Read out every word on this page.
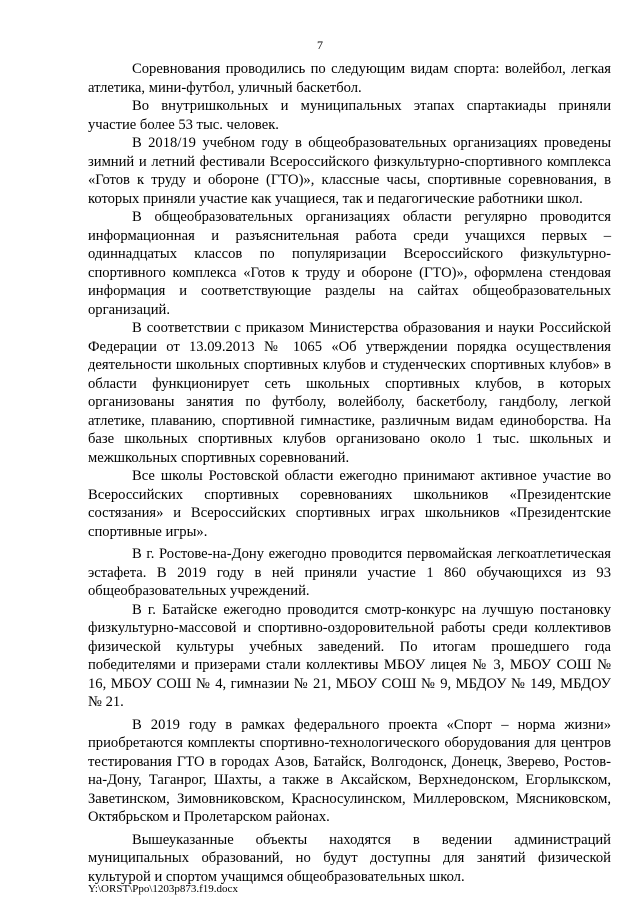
7

Соревнования проводились по следующим видам спорта: волейбол, легкая атлетика, мини-футбол, уличный баскетбол.

Во внутришкольных и муниципальных этапах спартакиады приняли участие более 53 тыс. человек.

В 2018/19 учебном году в общеобразовательных организациях проведены зимний и летний фестивали Всероссийского физкультурно-спортивного комплекса «Готов к труду и обороне (ГТО)», классные часы, спортивные соревнования, в которых приняли участие как учащиеся, так и педагогические работники школ.

В общеобразовательных организациях области регулярно проводится информационная и разъяснительная работа среди учащихся первых – одиннадцатых классов по популяризации Всероссийского физкультурно-спортивного комплекса «Готов к труду и обороне (ГТО)», оформлена стендовая информация и соответствующие разделы на сайтах общеобразовательных организаций.

В соответствии с приказом Министерства образования и науки Российской Федерации от 13.09.2013 № 1065 «Об утверждении порядка осуществления деятельности школьных спортивных клубов и студенческих спортивных клубов» в области функционирует сеть школьных спортивных клубов, в которых организованы занятия по футболу, волейболу, баскетболу, гандболу, легкой атлетике, плаванию, спортивной гимнастике, различным видам единоборства. На базе школьных спортивных клубов организовано около 1 тыс. школьных и межшкольных спортивных соревнований.

Все школы Ростовской области ежегодно принимают активное участие во Всероссийских спортивных соревнованиях школьников «Президентские состязания» и Всероссийских спортивных играх школьников «Президентские спортивные игры».

В г. Ростове-на-Дону ежегодно проводится первомайская легкоатлетическая эстафета. В 2019 году в ней приняли участие 1 860 обучающихся из 93 общеобразовательных учреждений.

В г. Батайске ежегодно проводится смотр-конкурс на лучшую постановку физкультурно-массовой и спортивно-оздоровительной работы среди коллективов физической культуры учебных заведений. По итогам прошедшего года победителями и призерами стали коллективы МБОУ лицея № 3, МБОУ СОШ № 16, МБОУ СОШ № 4, гимназии № 21, МБОУ СОШ № 9, МБДОУ № 149, МБДОУ № 21.

В 2019 году в рамках федерального проекта «Спорт – норма жизни» приобретаются комплекты спортивно-технологического оборудования для центров тестирования ГТО в городах Азов, Батайск, Волгодонск, Донецк, Зверево, Ростов-на-Дону, Таганрог, Шахты, а также в Аксайском, Верхнедонском, Егорлыкском, Заветинском, Зимовниковском, Красносулинском, Миллеровском, Мясниковском, Октябрьском и Пролетарском районах.

Вышеуказанные объекты находятся в ведении администраций муниципальных образований, но будут доступны для занятий физической культурой и спортом учащимся общеобразовательных школ.

Y:\ORST\Ppo\1203p873.f19.docx
